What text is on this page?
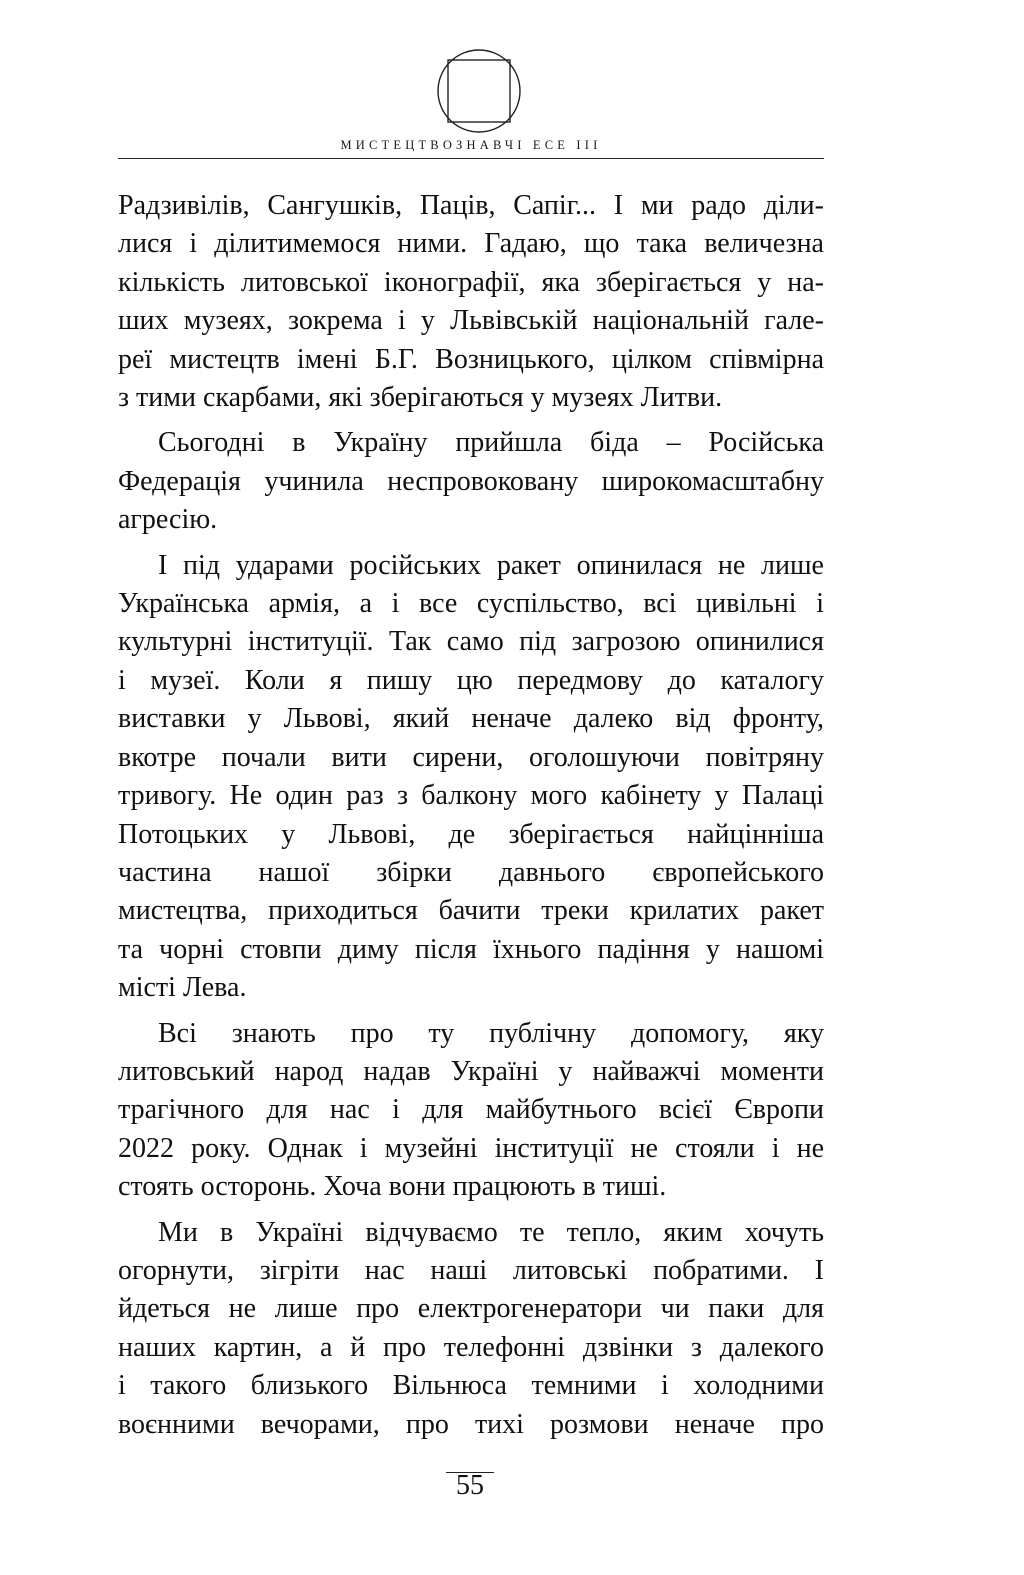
МИСТЕЦТВОЗНАВЧІ ЕСЕ ІІІ

Радзивілів, Сангушків, Паців, Сапіг... І ми радо діли-

лися і ділитимемося ними. Гадаю, що така величезна

кількість литовської іконографії, яка зберігається у на-

ших музеях, зокрема і у Львівській національній гале-

реї мистецтв імені Б.Г. Возницького, цілком співмірна

з тими скарбами, які зберігаються у музеях Литви.

Сьогодні в Україну прийшла біда – Російська

Федерація учинила неспровоковану широкомасштабну

агресію.

І під ударами російських ракет опинилася не лише

Українська армія, а і все суспільство, всі цивільні і

культурні інституції. Так само під загрозою опинилися

і музеї. Коли я пишу цю передмову до каталогу

виставки у Львові, який неначе далеко від фронту,

вкотре почали вити сирени, оголошуючи повітряну

тривогу. Не один раз з балкону мого кабінету у Палаці

Потоцьких у Львові, де зберігається найцінніша

частина нашої збірки давнього європейського

мистецтва, приходиться бачити треки крилатих ракет

та чорні стовпи диму після їхнього падіння у нашомі

місті Лева.

Всі знають про ту публічну допомогу, яку

литовський народ надав Україні у найважчі моменти

трагічного для нас і для майбутнього всієї Європи

2022 року. Однак і музейні інституції не стояли і не

стоять осторонь. Хоча вони працюють в тиші.

Ми в Україні відчуваємо те тепло, яким хочуть

огорнути, зігріти нас наші литовські побратими. І

йдеться не лише про електрогенератори чи паки для

наших картин, а й про телефонні дзвінки з далекого

і такого близького Вільнюса темними і холодними

воєнними вечорами, про тихі розмови неначе про

55
